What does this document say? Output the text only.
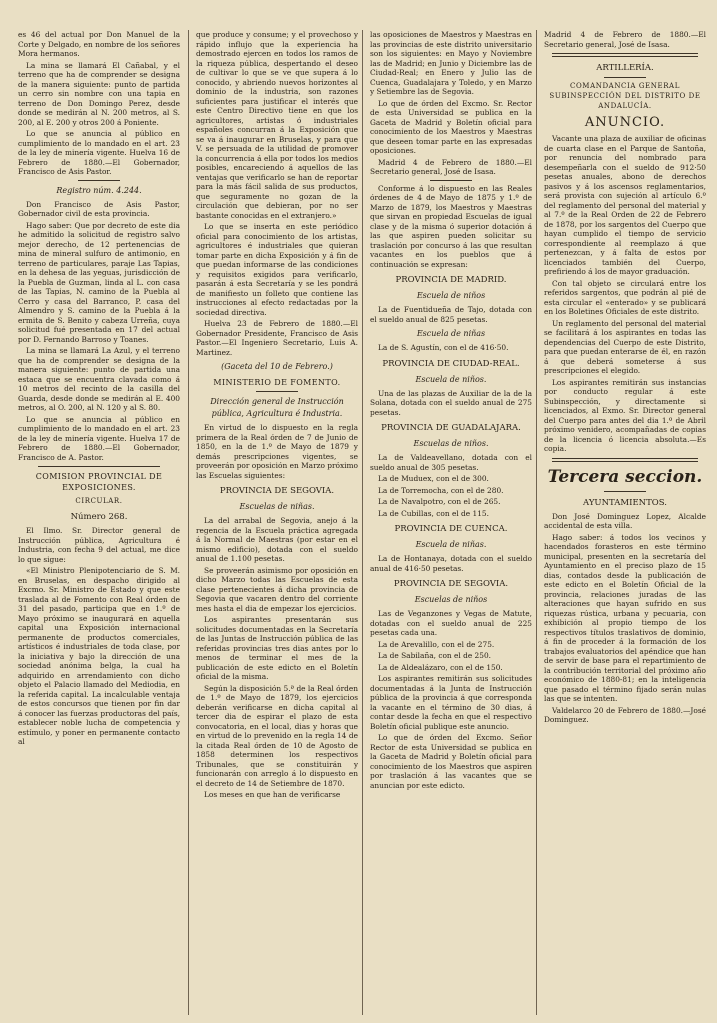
es 46 del actual por Don Manuel de la Corte y Delgado, en nombre de los señores Mora hermanos.

La mina se llamará El Cañabal, y el terreno que ha de comprender se designa de la manera siguiente: punto de partida un cerro sin nombre con una tapia en terreno de Don Domingo Perez, desde donde se medirán al N. 200 metros, al S. 200, al E. 200 y otros 200 á Poniente.

Lo que se anuncia al público en cumplimiento de lo mandado en el art. 23 de la ley de minería vigente. Huelva 16 de Febrero de 1880.—El Gobernador, Francisco de Asis Pastor.

Registro núm. 4.244.

Don Francisco de Asis Pastor, Gobernador civil de esta provincia.

Hago saber: Que por decreto de este dia he admitido la solicitud de registro salvo mejor derecho, de 12 pertenencias de mina de mineral sulfuro de antimonio, en terreno de particulares, paraje Las Tapias, en la dehesa de las yeguas, jurisdicción de la Puebla de Guzman, linda al L. con casa de las Tapias, N. camino de la Puebla al Cerro y casa del Barranco, P. casa del Almendro y S. camino de la Puebla á la ermita de S. Benito y cabeza Urreña, cuya solicitud fué presentada en 17 del actual por D. Fernando Barroso y Toanes.

La mina se llamará La Azul, y el terreno que ha de comprender se designa de la manera siguiente: punto de partida una estaca que se encuentra clavada como á 10 metros del recinto de la casilla del Guarda, desde donde se medirán al E. 400 metros, al O. 200, al N. 120 y al S. 80.

Lo que se anuncia al público en cumplimiento de lo mandado en el art. 23 de la ley de minería vigente. Huelva 17 de Febrero de 1880.—El Gobernador, Francisco de A. Pastor.

COMISION PROVINCIAL DE EXPOSICIONES.

CIRCULAR.

Número 268.

El Ilmo. Sr. Director general de Instrucción pública, Agricultura é Industria, con fecha 9 del actual, me dice lo que sigue:

«El Ministro Plenipotenciario de S. M. en Bruselas, en despacho dirigido al Excmo. Sr. Ministro de Estado y que este traslada al de Fomento con Real órden de 31 del pasado, participa que en 1.º de Mayo próximo se inaugurará en aquella capital una Exposición internacional permanente de productos comerciales, artísticos é industriales de toda clase, por la iniciativa y bajo la dirección de una sociedad anónima belga, la cual ha adquirido en arrendamiento con dicho objeto el Palacio llamado del Mediodia, en la referida capital. La incalculable ventaja de estos concursos que tienen por fin dar á conocer las fuerzas productoras del país, establecer noble lucha de competencia y estímulo, y poner en permanente contacto al

que produce y consume; y el provechoso y rápido influjo que la experiencia ha demostrado ejercen en todos los ramos de la riqueza pública, despertando el deseo de cultivar lo que se ve que supera á lo conocido, y abriendo nuevos horizontes al dominio de la industria, son razones suficientes para justificar el interés que este Centro Directivo tiene en que los agricultores, artistas ó industriales españoles concurran á la Exposición que se va á inaugurar en Bruselas, y para que V. se persuada de la utilidad de promover la concurrencia á ella por todos los medios posibles, encareciendo á aquellos de las ventajas que verificarlo se han de reportar para la más fácil salida de sus productos, que seguramente no gozan de la circulación que debieran, por no ser bastante conocidas en el extranjero.»

Lo que se inserta en este periódico oficial para conocimiento de los artistas, agricultores é industriales que quieran tomar parte en dicha Exposición y á fin de que puedan informarse de las condiciones y requisitos exigidos para verificarlo, pasarán á esta Secretaría y se les pondrá de manifiesto un folleto que contiene las instrucciones al efecto redactadas por la sociedad directiva.

Huelva 23 de Febrero de 1880.—El Gobernador Presidente, Francisco de Asis Pastor.—El Ingeniero Secretario, Luis A. Martinez.

(Gaceta del 10 de Febrero.)

MINISTERIO DE FOMENTO.

Dirección general de Instrucción pública, Agricultura é Industria.

En virtud de lo dispuesto en la regla primera de la Real órden de 7 de Junio de 1850, en la de 1.º de Mayo de 1879 y demás prescripciones vigentes, se proveerán por oposición en Marzo próximo las Escuelas siguientes:

PROVINCIA DE SEGOVIA.

Escuelas de niñas.

La del arrabal de Segovia, anejo á la regencia de la Escuela práctica agregada á la Normal de Maestras (por estar en el mismo edificio), dotada con el sueldo anual de 1.100 pesetas.

Se proveerán asimismo por oposición en dicho Marzo todas las Escuelas de esta clase pertenecientes á dicha provincia de Segovia que vacaren dentro del corriente mes hasta el dia de empezar los ejercicios.

Los aspirantes presentarán sus solicitudes documentadas en la Secretaría de las Juntas de Instrucción pública de las referidas provincias tres dias antes por lo menos de terminar el mes de la publicación de este edicto en el Boletín oficial de la misma.

Según la disposición 5.ª de la Real órden de 1.º de Mayo de 1879, los ejercicios deberán verificarse en dicha capital al tercer dia de espirar el plazo de esta convocatoria, en el local, dias y horas que en virtud de lo prevenido en la regla 14 de la citada Real órden de 10 de Agosto de 1858 determinen los respectivos Tribunales, que se constituirán y funcionarán con arreglo á lo dispuesto en el decreto de 14 de Setiembre de 1870.

Los meses en que han de verificarse

las oposiciones de Maestros y Maestras en las provincias de este distrito universitario son los siguientes: en Mayo y Noviembre las de Madrid; en Junio y Diciembre las de Ciudad-Real; en Enero y Julio las de Cuenca, Guadalajara y Toledo, y en Marzo y Setiembre las de Segovia.

Lo que de órden del Excmo. Sr. Rector de esta Universidad se publica en la Gaceta de Madrid y Boletín oficial para conocimiento de los Maestros y Maestras que deseen tomar parte en las expresadas oposiciones.

Madrid 4 de Febrero de 1880.—El Secretario general, José de Isasa.

Conforme á lo dispuesto en las Reales órdenes de 4 de Mayo de 1875 y 1.º de Marzo de 1879, los Maestros y Maestras que sirvan en propiedad Escuelas de igual clase y de la misma ó superior dotación á las que aspiren pueden solicitar su traslación por concurso á las que resultan vacantes en los pueblos que á continuación se expresan:

PROVINCIA DE MADRID.

Escuela de niños

La de Fuentidueña de Tajo, dotada con el sueldo anual de 825 pesetas.

Escuela de niñas

La de S. Agustín, con el de 416·50.

PROVINCIA DE CIUDAD-REAL.

Escuela de niños.

Una de las plazas de Auxiliar de la de la Solana, dotada con el sueldo anual de 275 pesetas.

PROVINCIA DE GUADALAJARA.

Escuelas de niños.

La de Valdeavellano, dotada con el sueldo anual de 305 pesetas.

La de Muduex, con el de 300.

La de Torremocha, con el de 280.

La de Navalpotro, con el de 265.

La de Cubillas, con el de 115.

PROVINCIA DE CUENCA.

Escuela de niñas.

La de Hontanaya, dotada con el sueldo anual de 416·50 pesetas.

PROVINCIA DE SEGOVIA.

Escuelas de niños

Las de Veganzones y Vegas de Matute, dotadas con el sueldo anual de 225 pesetas cada una.

La de Arevalillo, con el de 275.

La de Sabilaña, con el de 250.

La de Aldealázaro, con el de 150.

Los aspirantes remitirán sus solicitudes documentadas á la Junta de Instrucción pública de la provincia á que corresponda la vacante en el término de 30 dias, á contar desde la fecha en que el respectivo Boletín oficial publique este anuncio.

Lo que de órden del Excmo. Señor Rector de esta Universidad se publica en la Gaceta de Madrid y Boletín oficial para conocimiento de los Maestros que aspiren por traslación á las vacantes que se anuncian por este edicto.

Madrid 4 de Febrero de 1880.—El Secretario general, José de Isasa.

ARTILLERÍA.

COMANDANCIA GENERAL SUBINSPECCIÓN DEL DISTRITO DE ANDALUCÍA.

ANUNCIO.

Vacante una plaza de auxiliar de oficinas de cuarta clase en el Parque de Santoña, por renuncia del nombrado para desempeñarla con el sueldo de 912·50 pesetas anuales, abono de derechos pasivos y á los ascensos reglamentarios, será provista con sujeción al artículo 6.º del reglamento del personal del material y al 7.º de la Real Orden de 22 de Febrero de 1878, por los sargentos del Cuerpo que hayan cumplido el tiempo de servicio correspondiente al reemplazo á que pertenezcan, y á falta de estos por licenciados también del Cuerpo, prefiriendo á los de mayor graduación.

Con tal objeto se circulará entre los referidos sargentos, que podrán al pié de esta circular el «enterado» y se publicará en los Boletines Oficiales de este distrito.

Un reglamento del personal del material se facilitará á los aspirantes en todas las dependencias del Cuerpo de este Distrito, para que puedan enterarse de él, en razón á que deberá someterse á sus prescripciones el elegido.

Los aspirantes remitirán sus instancias por conducto regular á este Subinspección, y directamente si licenciados, al Exmo. Sr. Director general del Cuerpo para antes del dia 1.º de Abril próximo venidero, acompañadas de copias de la licencia ó licencia absoluta.—Es copia.

Tercera seccion.

AYUNTAMIENTOS.

Don José Dominguez Lopez, Alcalde accidental de esta villa.

Hago saber: á todos los vecinos y hacendados forasteros en este término municipal, presenten en la secretaría del Ayuntamiento en el preciso plazo de 15 dias, contados desde la publicación de este edicto en el Boletín Oficial de la provincia, relaciones juradas de las alteraciones que hayan sufrido en sus riquezas rústica, urbana y pecuaria, con exhibición al propio tiempo de los respectivos títulos traslativos de dominio, á fin de proceder á la formación de los trabajos evaluatorios del apéndice que han de servir de base para el repartimiento de la contribución territorial del próximo año económico de 1880-81; en la inteligencia que pasado el término fijado serán nulas las que se intenten.

Valdelarco 20 de Febrero de 1880.—José Dominguez.
